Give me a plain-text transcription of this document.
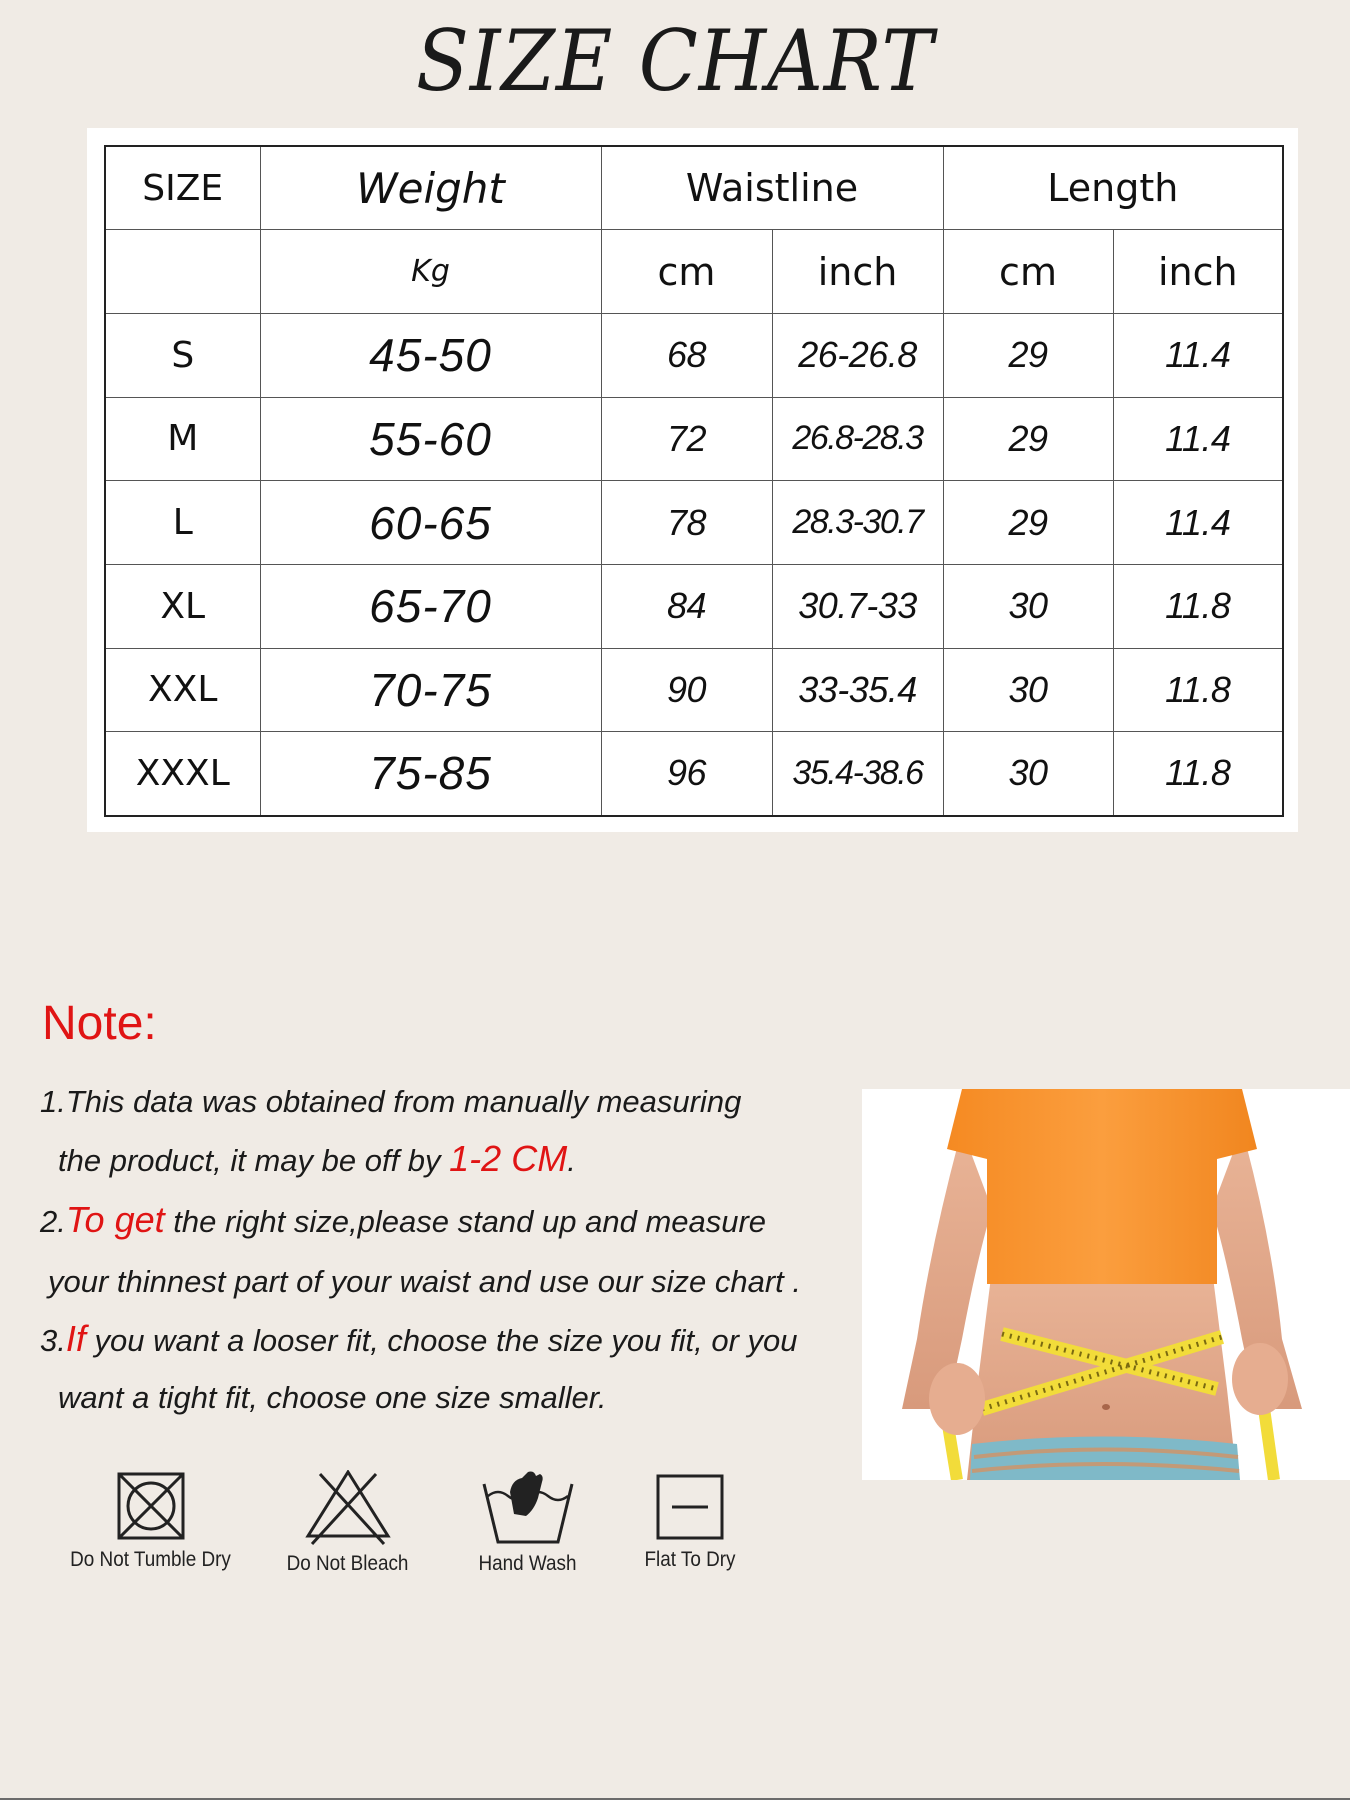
SIZE CHART
SIZE	Weight	Waistline		Length	
	Kg	cm	inch	cm	inch
S	45-50	68	26-26.8	29	11.4
M	55-60	72	26.8-28.3	29	11.4
L	60-65	78	28.3-30.7	29	11.4
XL	65-70	84	30.7-33	30	11.8
XXL	70-75	90	33-35.4	30	11.8
XXXL	75-85	96	35.4-38.6	30	11.8
Note:
1.This data was obtained from manually measuring
the product, it may be off by 1-2 CM.
2.To get the right size,please stand up and measure
your thinnest part of your waist and use our size chart .
3.If you want a looser fit, choose the size you fit, or you
want a tight fit, choose one size smaller.
Do Not Tumble Dry	Do Not Bleach	Hand Wash	Flat To Dry
